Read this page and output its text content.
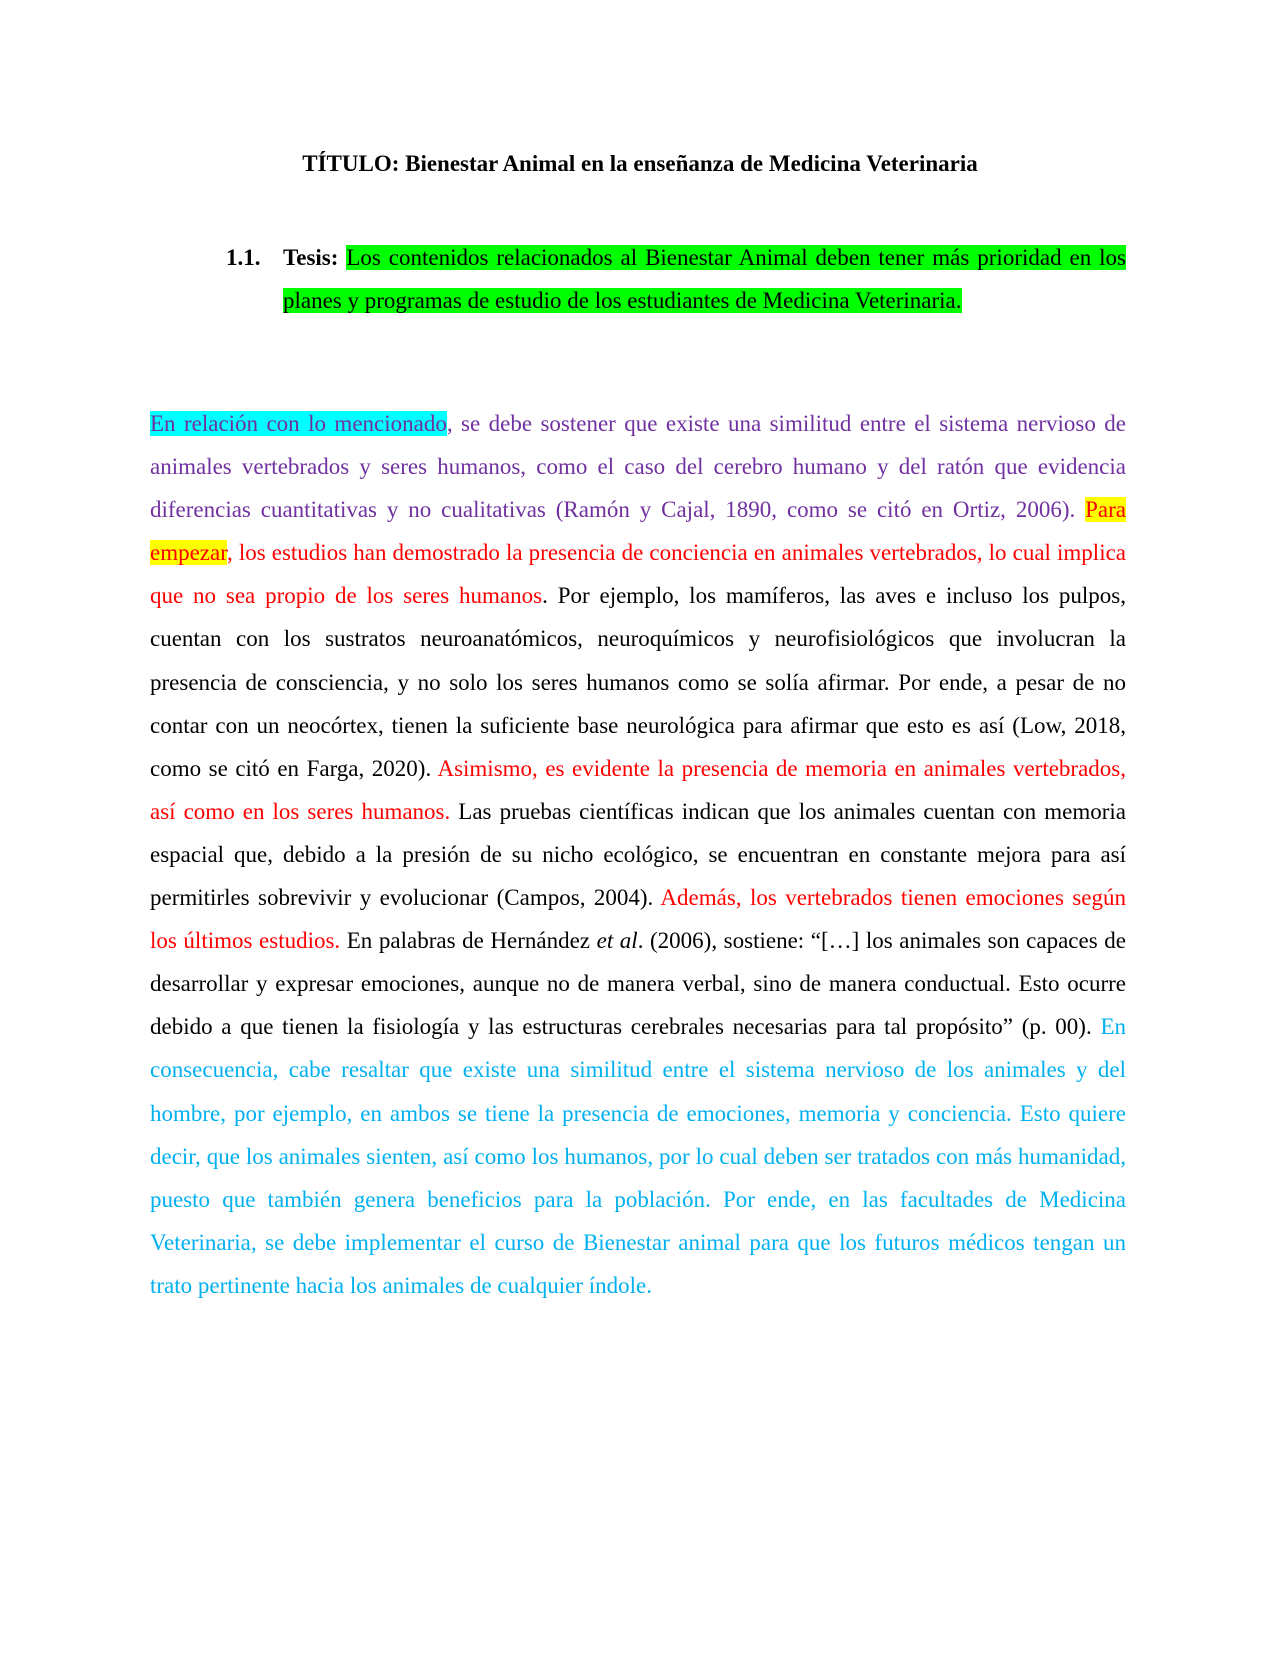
TÍTULO: Bienestar Animal en la enseñanza de Medicina Veterinaria

1.1. Tesis: Los contenidos relacionados al Bienestar Animal deben tener más prioridad en los planes y programas de estudio de los estudiantes de Medicina Veterinaria.

En relación con lo mencionado, se debe sostener que existe una similitud entre el sistema nervioso de animales vertebrados y seres humanos, como el caso del cerebro humano y del ratón que evidencia diferencias cuantitativas y no cualitativas (Ramón y Cajal, 1890, como se citó en Ortiz, 2006). Para empezar, los estudios han demostrado la presencia de conciencia en animales vertebrados, lo cual implica que no sea propio de los seres humanos. Por ejemplo, los mamíferos, las aves e incluso los pulpos, cuentan con los sustratos neuroanatómicos, neuroquímicos y neurofisiológicos que involucran la presencia de consciencia, y no solo los seres humanos como se solía afirmar. Por ende, a pesar de no contar con un neocórtex, tienen la suficiente base neurológica para afirmar que esto es así (Low, 2018, como se citó en Farga, 2020). Asimismo, es evidente la presencia de memoria en animales vertebrados, así como en los seres humanos. Las pruebas científicas indican que los animales cuentan con memoria espacial que, debido a la presión de su nicho ecológico, se encuentran en constante mejora para así permitirles sobrevivir y evolucionar (Campos, 2004). Además, los vertebrados tienen emociones según los últimos estudios. En palabras de Hernández et al. (2006), sostiene: “[…] los animales son capaces de desarrollar y expresar emociones, aunque no de manera verbal, sino de manera conductual. Esto ocurre debido a que tienen la fisiología y las estructuras cerebrales necesarias para tal propósito” (p. 00). En consecuencia, cabe resaltar que existe una similitud entre el sistema nervioso de los animales y del hombre, por ejemplo, en ambos se tiene la presencia de emociones, memoria y conciencia. Esto quiere decir, que los animales sienten, así como los humanos, por lo cual deben ser tratados con más humanidad, puesto que también genera beneficios para la población. Por ende, en las facultades de Medicina Veterinaria, se debe implementar el curso de Bienestar animal para que los futuros médicos tengan un trato pertinente hacia los animales de cualquier índole.
